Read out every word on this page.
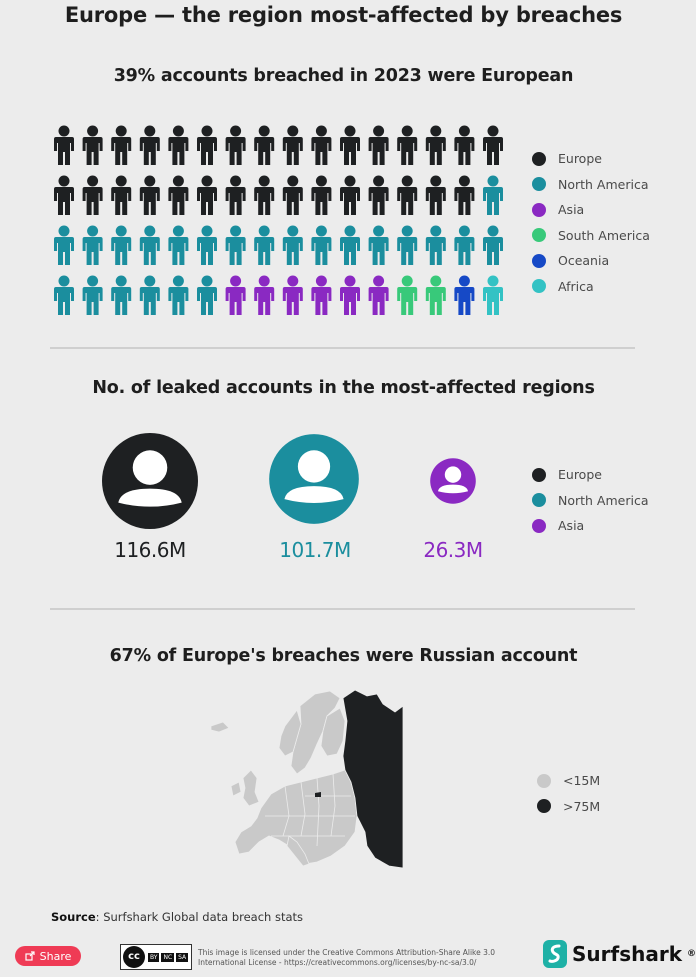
Europe — the region most-affected by breaches
39% accounts breached in 2023 were European
Europe
North America
Asia
South America
Oceania
Africa
No. of leaked accounts in the most-affected regions
116.6M	101.7M	26.3M
Europe
North America
Asia
67% of Europe's breaches were Russian account
<15M
>75M
Source: Surfshark Global data breach stats
Share	cc	BY	NC	SA This image is licensed under the Creative Commons Attribution-Share Alike 3.0 International License - https://creativecommons.org/licenses/by-nc-sa/3.0/	Surfshark ®
